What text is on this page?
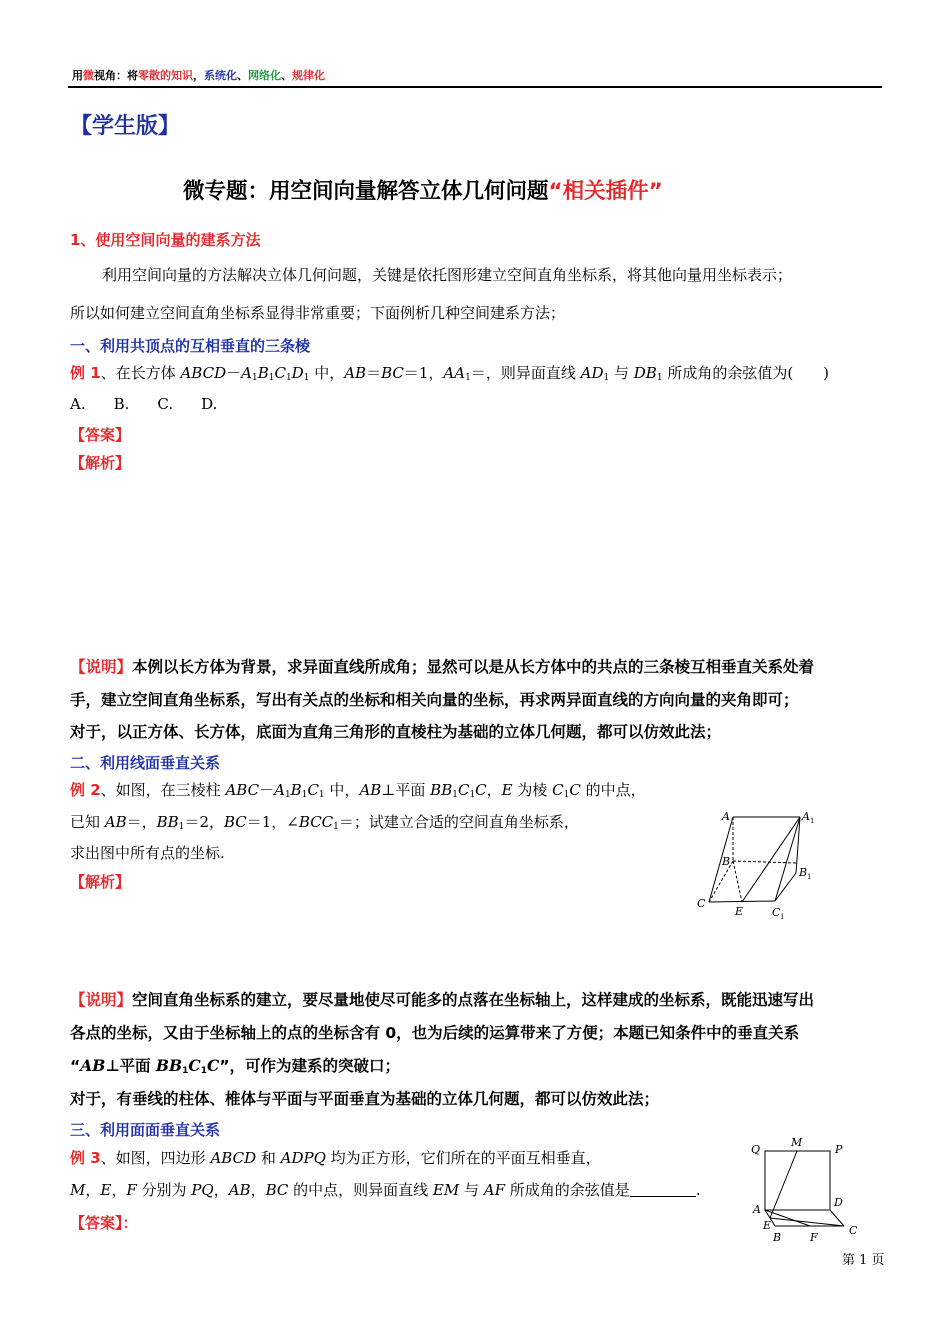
用微视角：将零散的知识，系统化、网络化、规律化
【学生版】
微专题：用空间向量解答立体几何问题“相关插件”
1、使用空间向量的建系方法
利用空间向量的方法解决立体几何问题，关键是依托图形建立空间直角坐标系，将其他向量用坐标表示；
所以如何建立空间直角坐标系显得非常重要；下面例析几种空间建系方法；
一、利用共顶点的互相垂直的三条棱
例 1、在长方体 $ABCD-A_1B_1C_1D_1$ 中，AB＝BC＝1，$AA_1=$，则异面直线 $AD_1$ 与 $DB_1$ 所成角的余弦值为(　　)
A. B. C. D.
【答案】
【解析】
【说明】本例以长方体为背景，求异面直线所成角；显然可以是从长方体中的共点的三条棱互相垂直关系处着
手，建立空间直角坐标系，写出有关点的坐标和相关向量的坐标，再求两异面直线的方向向量的夹角即可；
对于，以正方体、长方体，底面为直角三角形的直棱柱为基础的立体几何题，都可以仿效此法；
二、利用线面垂直关系
例 2、如图，在三棱柱 $ABC-A_1B_1C_1$ 中，AB⊥平面 $BB_1C_1C$，E 为棱 $C_1C$ 的中点，
已知 AB＝，$BB_1=2$，BC＝1，$\angle BCC_1=$；试建立合适的空间直角坐标系，
求出图中所有点的坐标.
【解析】
A	A 1
B
B 1
C
E	C 1
【说明】空间直角坐标系的建立，要尽量地使尽可能多的点落在坐标轴上，这样建成的坐标系，既能迅速写出
各点的坐标，又由于坐标轴上的点的坐标含有 0，也为后续的运算带来了方便；本题已知条件中的垂直关系
“AB⊥平面 $BB_1C_1C$”，可作为建系的突破口；
对于，有垂线的柱体、椎体与平面与平面垂直为基础的立体几何题，都可以仿效此法；
三、利用面面垂直关系
例 3、如图，四边形 ABCD 和 ADPQ 均为正方形，它们所在的平面互相垂直，
M，E，F 分别为 PQ，AB，BC 的中点，则异面直线 EM 与 AF 所成角的余弦值是	.
【答案】：
Q
M
P
D
A
E	C
B	F
第 1 页
